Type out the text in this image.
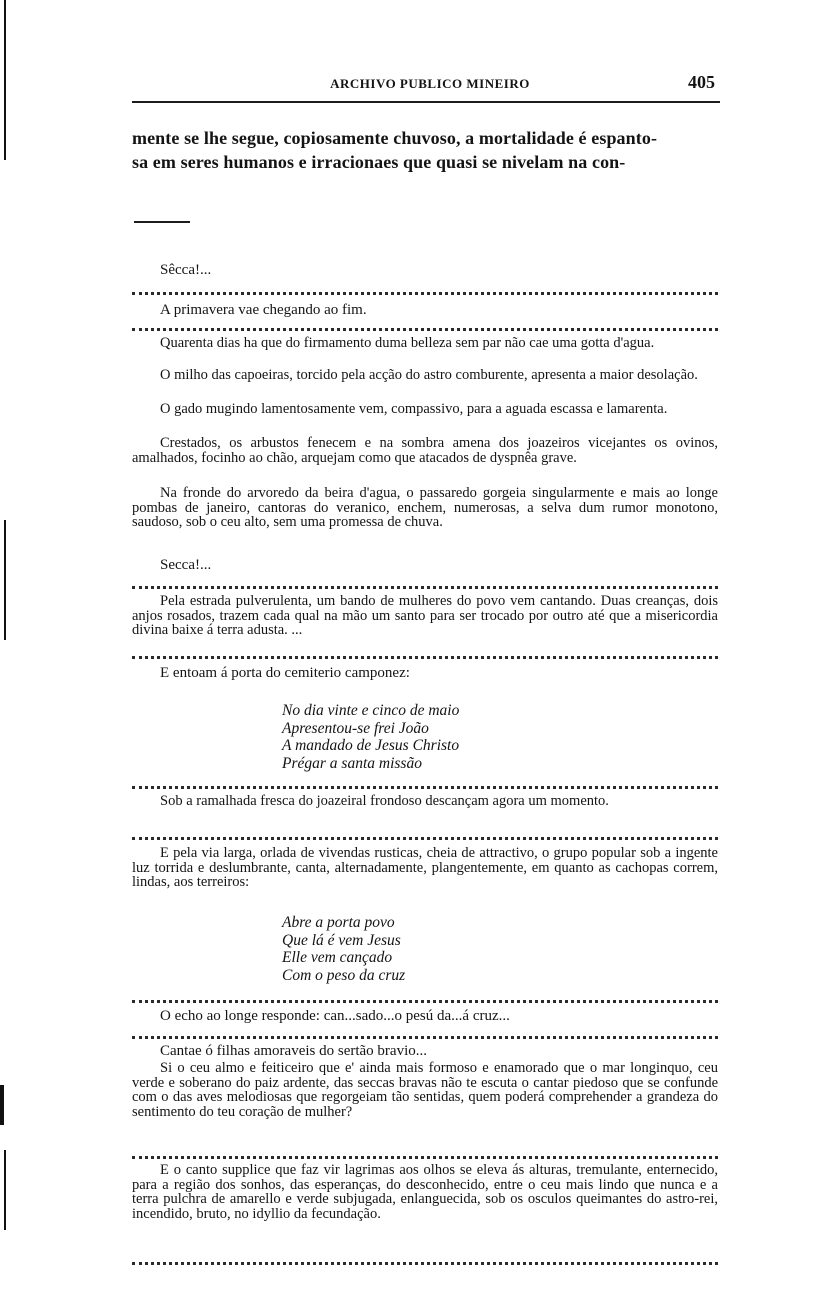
ARCHIVO PUBLICO MINEIRO	405
mente se lhe segue, copiosamente chuvoso, a mortalidade é espanto-
sa em seres humanos e irracionaes que quasi se nivelam na con-
Sêcca!...
A primavera vae chegando ao fim.
Quarenta dias ha que do firmamento duma belleza sem par não cae uma gotta d'agua.
O milho das capoeiras, torcido pela acção do astro comburente, apresenta a maior desolação.
O gado mugindo lamentosamente vem, compassivo, para a aguada escassa e lamarenta.
Crestados, os arbustos fenecem e na sombra amena dos joazeiros vicejantes os ovinos, amalhados, focinho ao chão, arquejam como que atacados de dyspnêa grave.
Na fronde do arvoredo da beira d'agua, o passaredo gorgeia singularmente e mais ao longe pombas de janeiro, cantoras do veranico, enchem, numerosas, a selva dum rumor monotono, saudoso, sob o ceu alto, sem uma promessa de chuva.
Secca!...
Pela estrada pulverulenta, um bando de mulheres do povo vem cantando. Duas creanças, dois anjos rosados, trazem cada qual na mão um santo para ser trocado por outro até que a misericordia divina baixe á terra adusta. ...
E entoam á porta do cemiterio camponez:
No dia vinte e cinco de maio
Apresentou-se frei João
A mandado de Jesus Christo
Prégar a santa missão
Sob a ramalhada fresca do joazeiral frondoso descançam agora um momento.
E pela via larga, orlada de vivendas rusticas, cheia de attractivo, o grupo popular sob a ingente luz torrida e deslumbrante, canta, alternadamente, plangentemente, em quanto as cachopas correm, lindas, aos terreiros:
Abre a porta povo
Que lá é vem Jesus
Elle vem cançado
Com o peso da cruz
O echo ao longe responde: can...sado...o pesú da...á cruz...
Cantae ó filhas amoraveis do sertão bravio...
Si o ceu almo e feiticeiro que e' ainda mais formoso e enamorado que o mar longinquo, ceu verde e soberano do paiz ardente, das seccas bravas não te escuta o cantar piedoso que se confunde com o das aves melodiosas que regorgeiam tão sentidas, quem poderá comprehender a grandeza do sentimento do teu coração de mulher?
E o canto supplice que faz vir lagrimas aos olhos se eleva ás alturas, tremulante, enternecido, para a região dos sonhos, das esperanças, do desconhecido, entre o ceu mais lindo que nunca e a terra pulchra de amarello e verde subjugada, enlanguecida, sob os osculos queimantes do astro-rei, incendido, bruto, no idyllio da fecundação.
